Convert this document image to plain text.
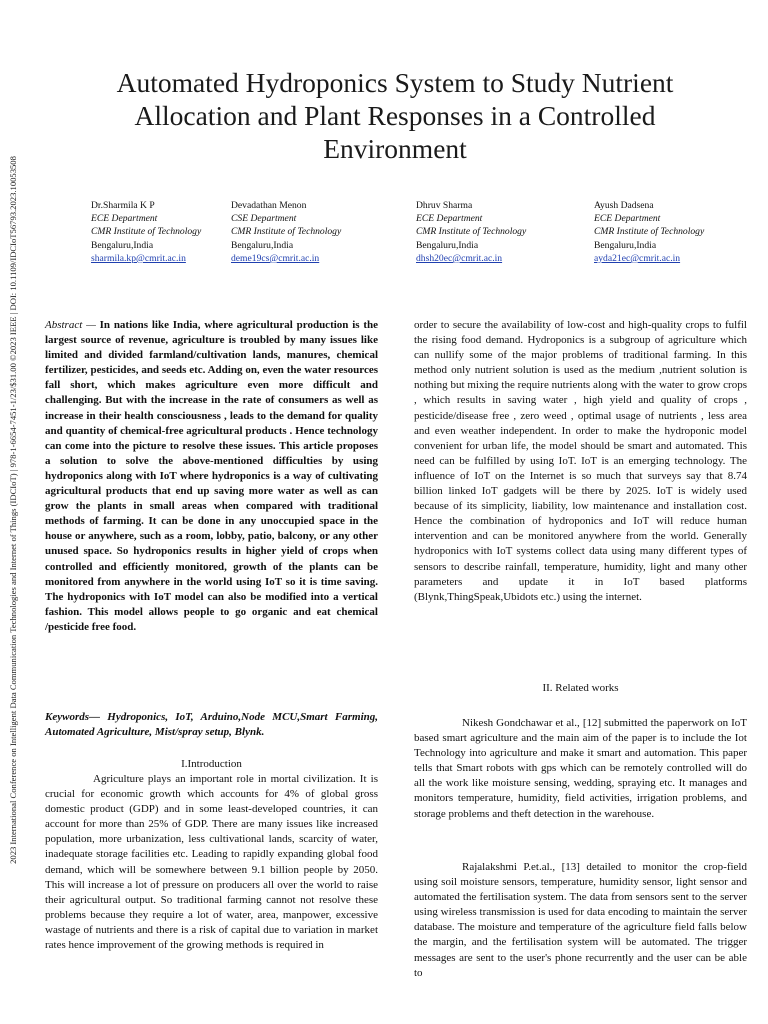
2023 International Conference on Intelligent Data Communication Technologies and Internet of Things (IDCIoT) | 978-1-6654-7451-1/23/$31.00 ©2023 IEEE | DOI: 10.1109/IDCIoT56793.2023.10053508
Automated Hydroponics System to Study Nutrient
Allocation and Plant Responses in a Controlled
Environment
Dr.Sharmila K P
ECE Department
CMR Institute of Technology
Bengaluru,India
sharmila.kp@cmrit.ac.in
Devadathan Menon
CSE Department
CMR Institute of Technology
Bengaluru,India
deme19cs@cmrit.ac.in
Dhruv Sharma
ECE Department
CMR Institute of Technology
Bengaluru,India
dhsh20ec@cmrit.ac.in
Ayush Dadsena
ECE Department
CMR Institute of Technology
Bengaluru,India
ayda21ec@cmrit.ac.in

Abstract — In nations like India, where agricultural production is the largest source of revenue, agriculture is troubled by many issues like limited and divided farmland/cultivation lands, manures, chemical fertilizer, pesticides, and seeds etc. Adding on, even the water resources fall short, which makes agriculture even more difficult and challenging. But with the increase in the rate of consumers as well as increase in their health consciousness , leads to the demand for quality and quantity of chemical-free agricultural products . Hence technology can come into the picture to resolve these issues. This article proposes a solution to solve the above-mentioned difficulties by using hydroponics along with IoT where hydroponics is a way of cultivating agricultural products that end up saving more water as well as can grow the plants in small areas when compared with traditional methods of farming. It can be done in any unoccupied space in the house or anywhere, such as a room, lobby, patio, balcony, or any other unused space. So hydroponics results in higher yield of crops when controlled and efficiently monitored, growth of the plants can be monitored from anywhere in the world using IoT so it is time saving. The hydroponics with IoT model can also be modified into a vertical fashion. This model allows people to go organic and eat chemical /pesticide free food.

Keywords— Hydroponics, IoT, Arduino,Node MCU,Smart Farming, Automated Agriculture, Mist/spray setup, Blynk.

I.Introduction

Agriculture plays an important role in mortal civilization. It is crucial for economic growth which accounts for 4% of global gross domestic product (GDP) and in some least-developed countries, it can account for more than 25% of GDP. There are many issues like increased population, more urbanization, less cultivational lands, scarcity of water, inadequate storage facilities etc. Leading to rapidly expanding global food demand, which will be somewhere between 9.1 billion people by 2050. This will increase a lot of pressure on producers all over the world to raise their agricultural output. So traditional farming cannot not resolve these problems because they require a lot of water, area, manpower, excessive wastage of nutrients and there is a risk of capital due to variation in market rates hence improvement of the growing methods is required in

order to secure the availability of low-cost and high-quality crops to fulfil the rising food demand. Hydroponics is a subgroup of agriculture which can nullify some of the major problems of traditional farming. In this method only nutrient solution is used as the medium ,nutrient solution is nothing but mixing the require nutrients along with the water to grow crops , which results in saving water , high yield and quality of crops , pesticide/disease free , zero weed , optimal usage of nutrients , less area and even weather independent. In order to make the hydroponic model convenient for urban life, the model should be smart and automated. This need can be fulfilled by using IoT. IoT is an emerging technology. The influence of IoT on the Internet is so much that surveys say that 8.74 billion linked IoT gadgets will be there by 2025. IoT is widely used because of its simplicity, liability, low maintenance and installation cost. Hence the combination of hydroponics and IoT will reduce human intervention and can be monitored anywhere from the world. Generally hydroponics with IoT systems collect data using many different types of sensors to describe rainfall, temperature, humidity, light and many other parameters and update it in IoT based platforms (Blynk,ThingSpeak,Ubidots etc.) using the internet.

II. Related works

Nikesh Gondchawar et al., [12] submitted the paperwork on IoT based smart agriculture and the main aim of the paper is to include the Iot Technology into agriculture and make it smart and automation. This paper tells that Smart robots with gps which can be remotely controlled will do all the work like moisture sensing, wedding, spraying etc. It manages and monitors temperature, humidity, field activities, irrigation problems, and storage problems and theft detection in the warehouse.

Rajalakshmi P.et.al., [13] detailed to monitor the crop-field using soil moisture sensors, temperature, humidity sensor, light sensor and automated the fertilisation system. The data from sensors sent to the server using wireless transmission is used for data encoding to maintain the server database. The moisture and temperature of the agriculture field falls below the margin, and the fertilisation system will be automated. The trigger messages are sent to the user's phone recurrently and the user can be able to
